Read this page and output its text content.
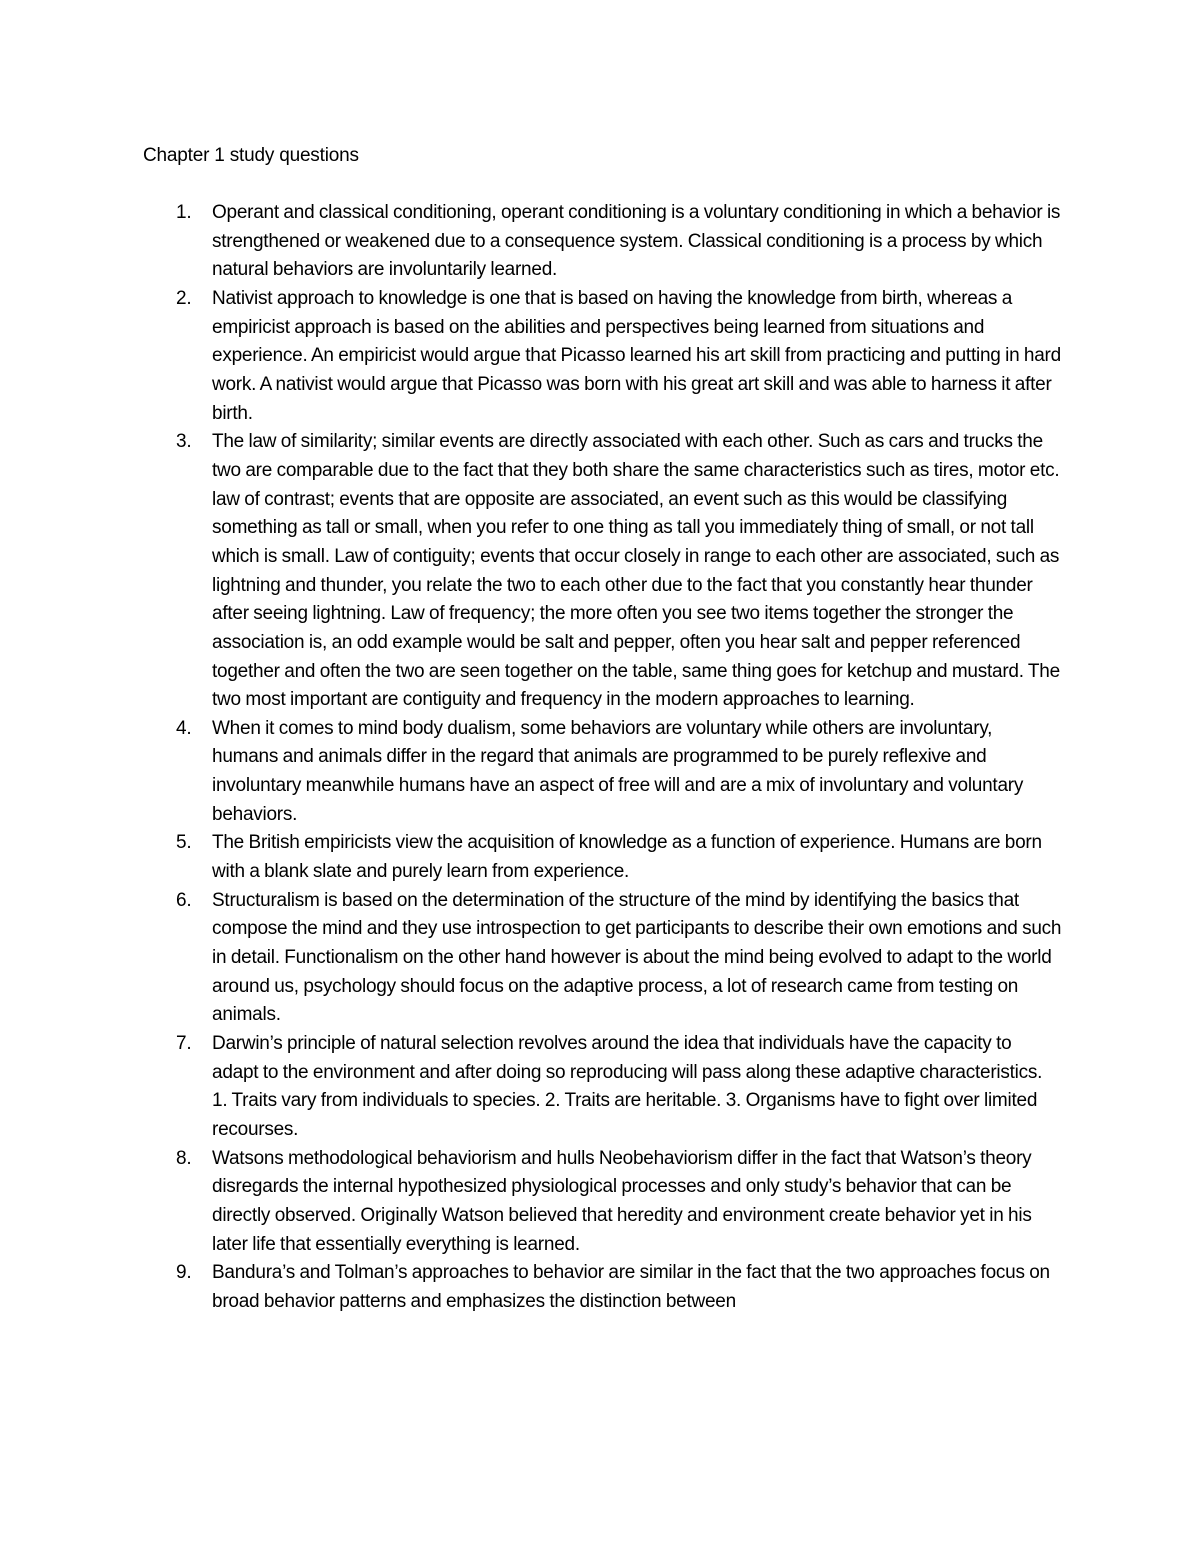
Chapter 1 study questions
1.	Operant and classical conditioning, operant conditioning is a voluntary conditioning in which a behavior is strengthened or weakened due to a consequence system. Classical conditioning is a process by which natural behaviors are involuntarily learned.
2.	Nativist approach to knowledge is one that is based on having the knowledge from birth, whereas a empiricist approach is based on the abilities and perspectives being learned from situations and experience. An empiricist would argue that Picasso learned his art skill from practicing and putting in hard work. A nativist would argue that Picasso was born with his great art skill and was able to harness it after birth.
3.	The law of similarity; similar events are directly associated with each other. Such as cars and trucks the two are comparable due to the fact that they both share the same characteristics such as tires, motor etc. law of contrast; events that are opposite are associated, an event such as this would be classifying something as tall or small, when you refer to one thing as tall you immediately thing of small, or not tall which is small. Law of contiguity; events that occur closely in range to each other are associated, such as lightning and thunder, you relate the two to each other due to the fact that you constantly hear thunder after seeing lightning. Law of frequency; the more often you see two items together the stronger the association is, an odd example would be salt and pepper, often you hear salt and pepper referenced together and often the two are seen together on the table, same thing goes for ketchup and mustard. The two most important are contiguity and frequency in the modern approaches to learning.
4.	When it comes to mind body dualism, some behaviors are voluntary while others are involuntary, humans and animals differ in the regard that animals are programmed to be purely reflexive and involuntary meanwhile humans have an aspect of free will and are a mix of involuntary and voluntary behaviors.
5.	The British empiricists view the acquisition of knowledge as a function of experience. Humans are born with a blank slate and purely learn from experience.
6.	Structuralism is based on the determination of the structure of the mind by identifying the basics that compose the mind and they use introspection to get participants to describe their own emotions and such in detail. Functionalism on the other hand however is about the mind being evolved to adapt to the world around us, psychology should focus on the adaptive process, a lot of research came from testing on animals.
7.	Darwin’s principle of natural selection revolves around the idea that individuals have the capacity to adapt to the environment and after doing so reproducing will pass along these adaptive characteristics. 1. Traits vary from individuals to species. 2. Traits are heritable. 3. Organisms have to fight over limited recourses.
8.	Watsons methodological behaviorism and hulls Neobehaviorism differ in the fact that Watson’s theory disregards the internal hypothesized physiological processes and only study’s behavior that can be directly observed. Originally Watson believed that heredity and environment create behavior yet in his later life that essentially everything is learned.
9.	Bandura’s and Tolman’s approaches to behavior are similar in the fact that the two approaches focus on broad behavior patterns and emphasizes the distinction between
